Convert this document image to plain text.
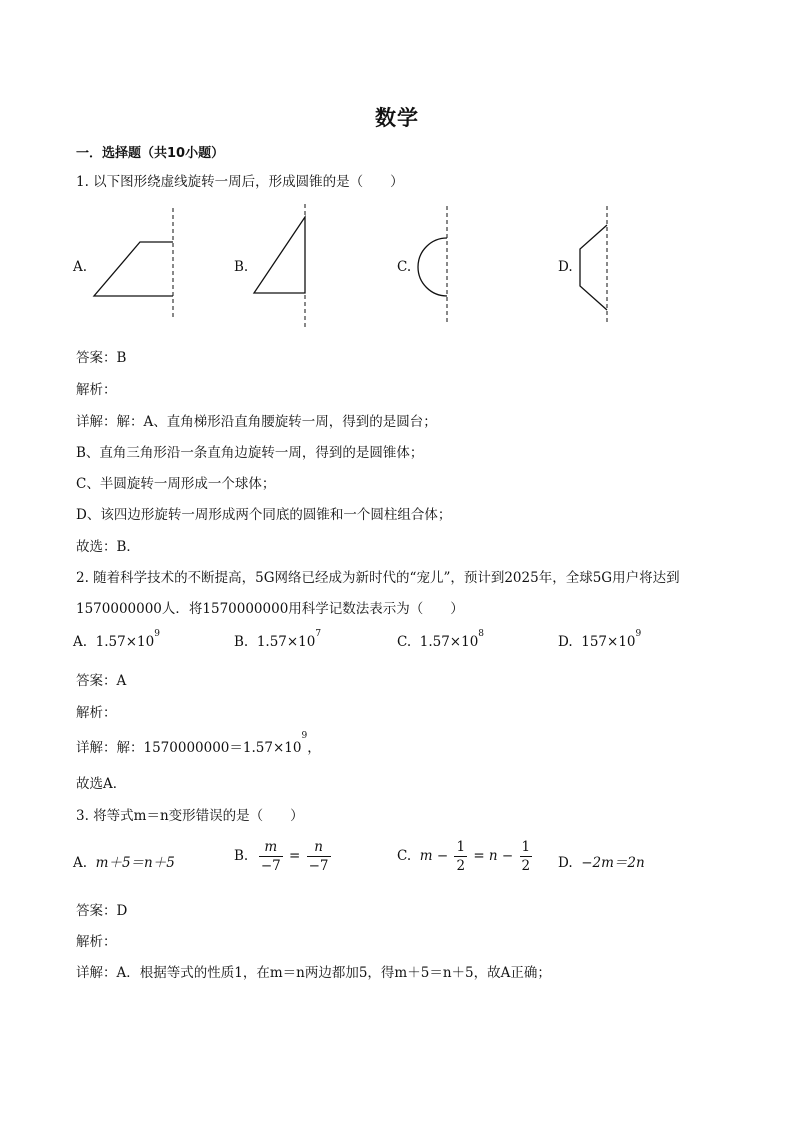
数学
一．选择题（共10小题）
1. 以下图形绕虚线旋转一周后，形成圆锥的是（　　）
A.	B.	C.	D.
答案：B
解析：
详解：解：A、直角梯形沿直角腰旋转一周，得到的是圆台；
B、直角三角形沿一条直角边旋转一周，得到的是圆锥体；
C、半圆旋转一周形成一个球体；
D、该四边形旋转一周形成两个同底的圆锥和一个圆柱组合体；
故选：B．
2. 随着科学技术的不断提高，5G网络已经成为新时代的“宠儿”，预计到2025年，全球5G用户将达到
1570000000人．将1570000000用科学记数法表示为（　　）
A. $1.57\times 10^9$	B. $1.57\times 10^7$	C. $1.57\times 10^8$	D. $157\times 10^9$
答案：A
解析：
详解：解：$1570000000=1.57\times 10^9$，
故选A．
3. 将等式m＝n变形错误的是（　　）
A. m＋5＝n＋5	B. $\frac{m}{-7} = \frac{n}{-7}$	C. $m - \frac{1}{2} = n - \frac{1}{2} D$. −2m＝2n
答案：D
解析：
详解：A．根据等式的性质1，在m＝n两边都加5，得m＋5＝n＋5，故A正确；
